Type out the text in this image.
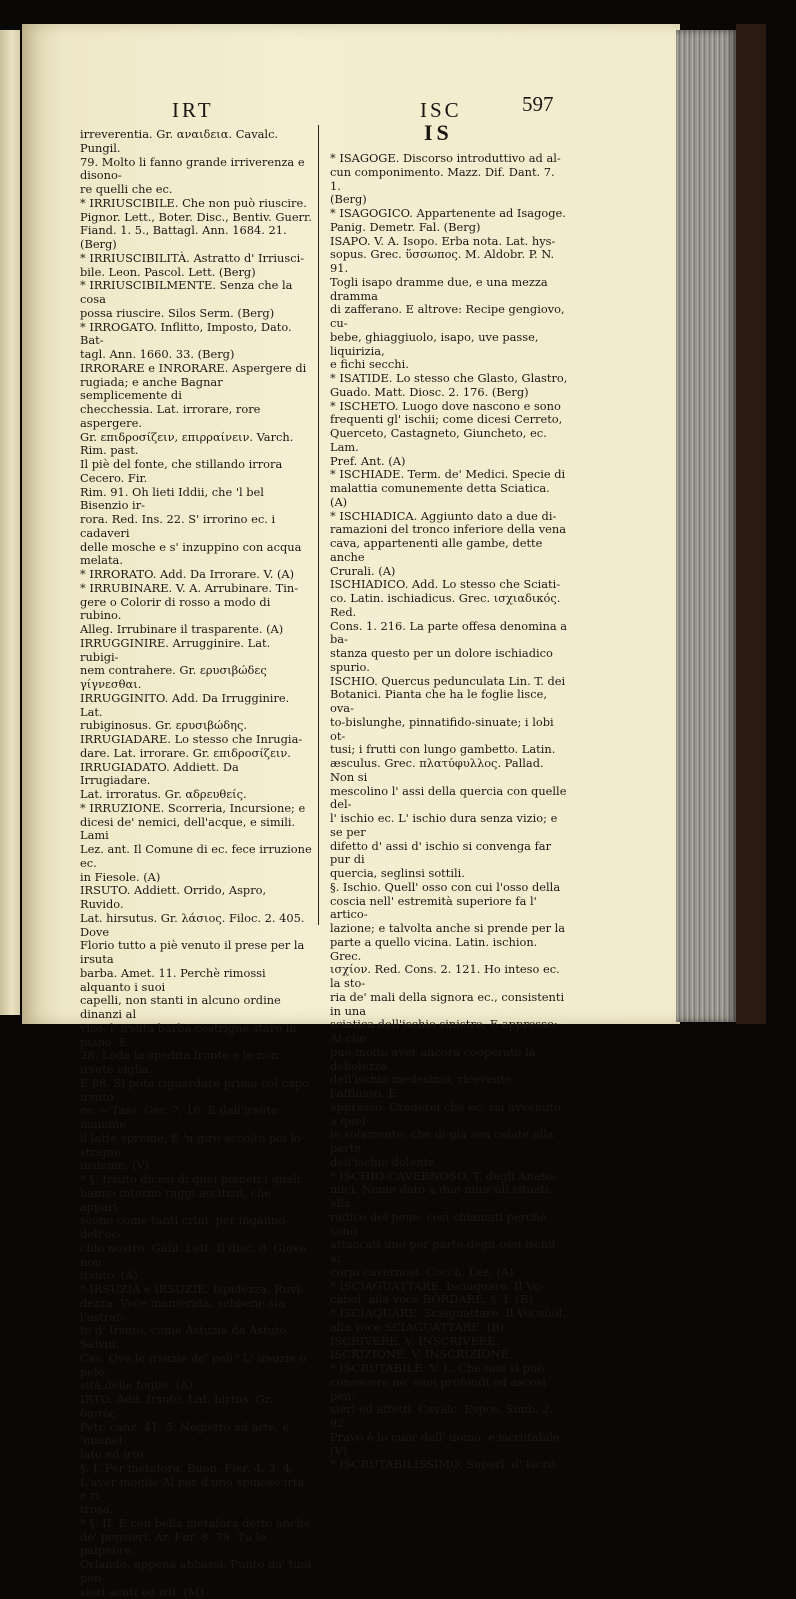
IRT	ISC	597

irreverentia. Gr. αναιδεια. Cavalc. Pungil.

79. Molto li fanno grande irriverenza e disono-

re quelli che ec.

* IRRIUSCIBILE. Che non può riuscire.

Pignor. Lett., Boter. Disc., Bentiv. Guerr.

Fiand. 1. 5., Battagl. Ann. 1684. 21. (Berg)

* IRRIUSCIBILITÀ. Astratto d' Irriusci-

bile. Leon. Pascol. Lett. (Berg)

* IRRIUSCIBILMENTE. Senza che la cosa

possa riuscire. Silos Serm. (Berg)

* IRROGATO. Inflitto, Imposto, Dato. Bat-

tagl. Ann. 1660. 33. (Berg)

IRRORARE e INRORARE. Aspergere di

rugiada; e anche Bagnar semplicemente di

checchessia. Lat. irrorare, rore aspergere.

Gr. επιδροσίζειν, επιρραίνειν. Varch. Rim. past.

Il piè del fonte, che stillando irrora Cecero. Fir.

Rim. 91. Oh lieti Iddii, che 'l bel Bisenzio ir-

rora. Red. Ins. 22. S' irrorino ec. i cadaveri

delle mosche e s' inzuppino con acqua melata.

* IRRORATO. Add. Da Irrorare. V. (A)

* IRRUBINARE. V. A. Arrubinare. Tin-

gere o Colorir di rosso a modo di rubino.

Alleg. Irrubinare il trasparente. (A)

IRRUGGINIRE. Arrugginire. Lat. rubigi-

nem contrahere. Gr. ερυσιβώδες γίγνεσθαι.

IRRUGGINITO. Add. Da Irrugginire. Lat.

rubiginosus. Gr. ερυσιβώδης.

IRRUGIADARE. Lo stesso che Inrugia-

dare. Lat. irrorare. Gr. επιδροσίζειν.

IRRUGIADATO. Addiett. Da Irrugiadare.

Lat. irroratus. Gr. αδρευθείς.

* IRRUZIONE. Scorreria, Incursione; e

dicesi de' nemici, dell'acque, e simili. Lami

Lez. ant. Il Comune di ec. fece irruzione ec.

in Fiesole. (A)

IRSUTO. Addiett. Orrido, Aspro, Ruvido.

Lat. hirsutus. Gr. λάσιος. Filoc. 2. 405. Dove

Florio tutto a piè venuto il prese per la irsuta

barba. Amet. 11. Perchè rimossi alquanto i suoi

capelli, non stanti in alcuno ordine dinanzi al

viso, l' irsuta barba costrigne stare in piano. E

28. Loda la spedita fronte e le non irsute ciglia.

E 88. Si pote riguardare prima col capo irsuto

ec. -- Tass. Ger. 7. 18. E dall'irsute mamme

il latte spreme, E 'n giro accolto poi lo strigne

insieme. (V)

* §. Irsuto dicesi di quei pianeti i quali

hanno intorno raggi ascitizii, che appari-

scono come tanti crini, per inganno dell'oc-

chio nostro. Galil. Lett. Il disc. d. Giove non

irsuto. (A)

* IRSUZIA e IRSUZIE. Ispidezza, Ruvi-

dezza. Voce manierata, sebbene sia l'astrat-

to d' Irsuto, come Astuzia da Astuto. Salvin.

Cas. Ove le irsuzie de' peli? L' irsuzie o pelo-

sità delle foglie. (A)

IRTO. Add. Irsuto. Lat. hirtus. Gr. δασύς.

Petr. canz. 41. 5. Negletto ad arte, e 'nnanel-

lato ed irto.

§. I. Per metafora. Buon. Fier. 4. 3. 4.

L'aver moglie Al par d'uno spinoso irta e ri-

trosa.

* §. II. E con bella metafora detto anche

de' pensieri. Ar. Fur. 8. 79. Tu le palpebre,

Orlando, appena abbassi, Punto da' tuoi pen-

sieri acuti ed irti. (M)

IS

* ISAGOGE. Discorso introduttivo ad al-

cun componimento. Mazz. Dif. Dant. 7. 1.

(Berg)

* ISAGOGICO. Appartenente ad Isagoge.

Panig. Demetr. Fal. (Berg)

ISAPO. V. A. Isopo. Erba nota. Lat. hys-

sopus. Grec. ὕσσωπος. M. Aldobr. P. N. 91.

Togli isapo dramme due, e una mezza dramma

di zafferano. E altrove: Recipe gengiovo, cu-

bebe, ghiaggiuolo, isapo, uve passe, liquirizia,

e fichi secchi.

* ISATIDE. Lo stesso che Glasto, Glastro,

Guado. Matt. Diosc. 2. 176. (Berg)

* ISCHETO. Luogo dove nascono e sono

frequenti gl' ischii; come dicesi Cerreto,

Querceto, Castagneto, Giuncheto, ec. Lam.

Pref. Ant. (A)

* ISCHIADE. Term. de' Medici. Specie di

malattia comunemente detta Sciatica. (A)

* ISCHIADICA. Aggiunto dato a due di-

ramazioni del tronco inferiore della vena

cava, appartenenti alle gambe, dette anche

Crurali. (A)

ISCHIADICO. Add. Lo stesso che Sciati-

co. Latin. ischiadicus. Grec. ισχιαδικός. Red.

Cons. 1. 216. La parte offesa denomina a ba-

stanza questo per un dolore ischiadico spurio.

ISCHIO. Quercus pedunculata Lin. T. dei

Botanici. Pianta che ha le foglie lisce, ova-

to-bislunghe, pinnatifido-sinuate; i lobi ot-

tusi; i frutti con lungo gambetto. Latin.

æsculus. Grec. πλατύφυλλος. Pallad. Non si

mescolino l' assi della quercia con quelle del-

l' ischio ec. L' ischio dura senza vizio; e se per

difetto d' assi d' ischio si convenga far pur di

quercia, seglinsi sottili.

§. Ischio. Quell' osso con cui l'osso della

coscia nell' estremità superiore fa l' artico-

lazione; e talvolta anche si prende per la

parte a quello vicina. Latin. ischion. Grec.

ισχίον. Red. Cons. 2. 121. Ho inteso ec. la sto-

ria de' mali della signora ec., consistenti in una

sciatica dell'ischio sinistro, E appresso: Al che

può molto aver ancora cooperato la debolezza

dell'ischio medesimo, ricevente l'afflusso. E

appresso: Crederei che ec. sia avvenuto a quel-

le solamente, che di già son calate alla parte

dell'ischio dolente.

* ISCHIO-CAVERNOSO. T. degli Anato-

mici. Nome dato a due muscoli situati alla

radice del pene, così chiamati perchè sono

attaccati uno per parte degli ossi ischii ai

corpi cavernosi. Cocch. Lez. (A)

* ISCIAGUATTARE. Isciaquare. Il Vo-

cabol. alla voce BORDARE, §. I. (B)

* ISCIAQUARE. Sciaguattare. Il Vocabol.

alla voce SCIAGUATTARE. (B)

ISCRIVERE. V. INSCRIVERE.

ISCRIZIONE. V. INSCRIZIONE.

* ISCRUTABILE. V. L. Che non si può

conoscere ne' suoi profondi ed ascosi pen-

sieri ed affetti. Cavalc. Espos. Simb. 2. 92.

Pravo è lo cuor dell' uomo, e iscrutabile. (V)

* ISCRUTABILISSIMO. Superl. d' Iscru-
